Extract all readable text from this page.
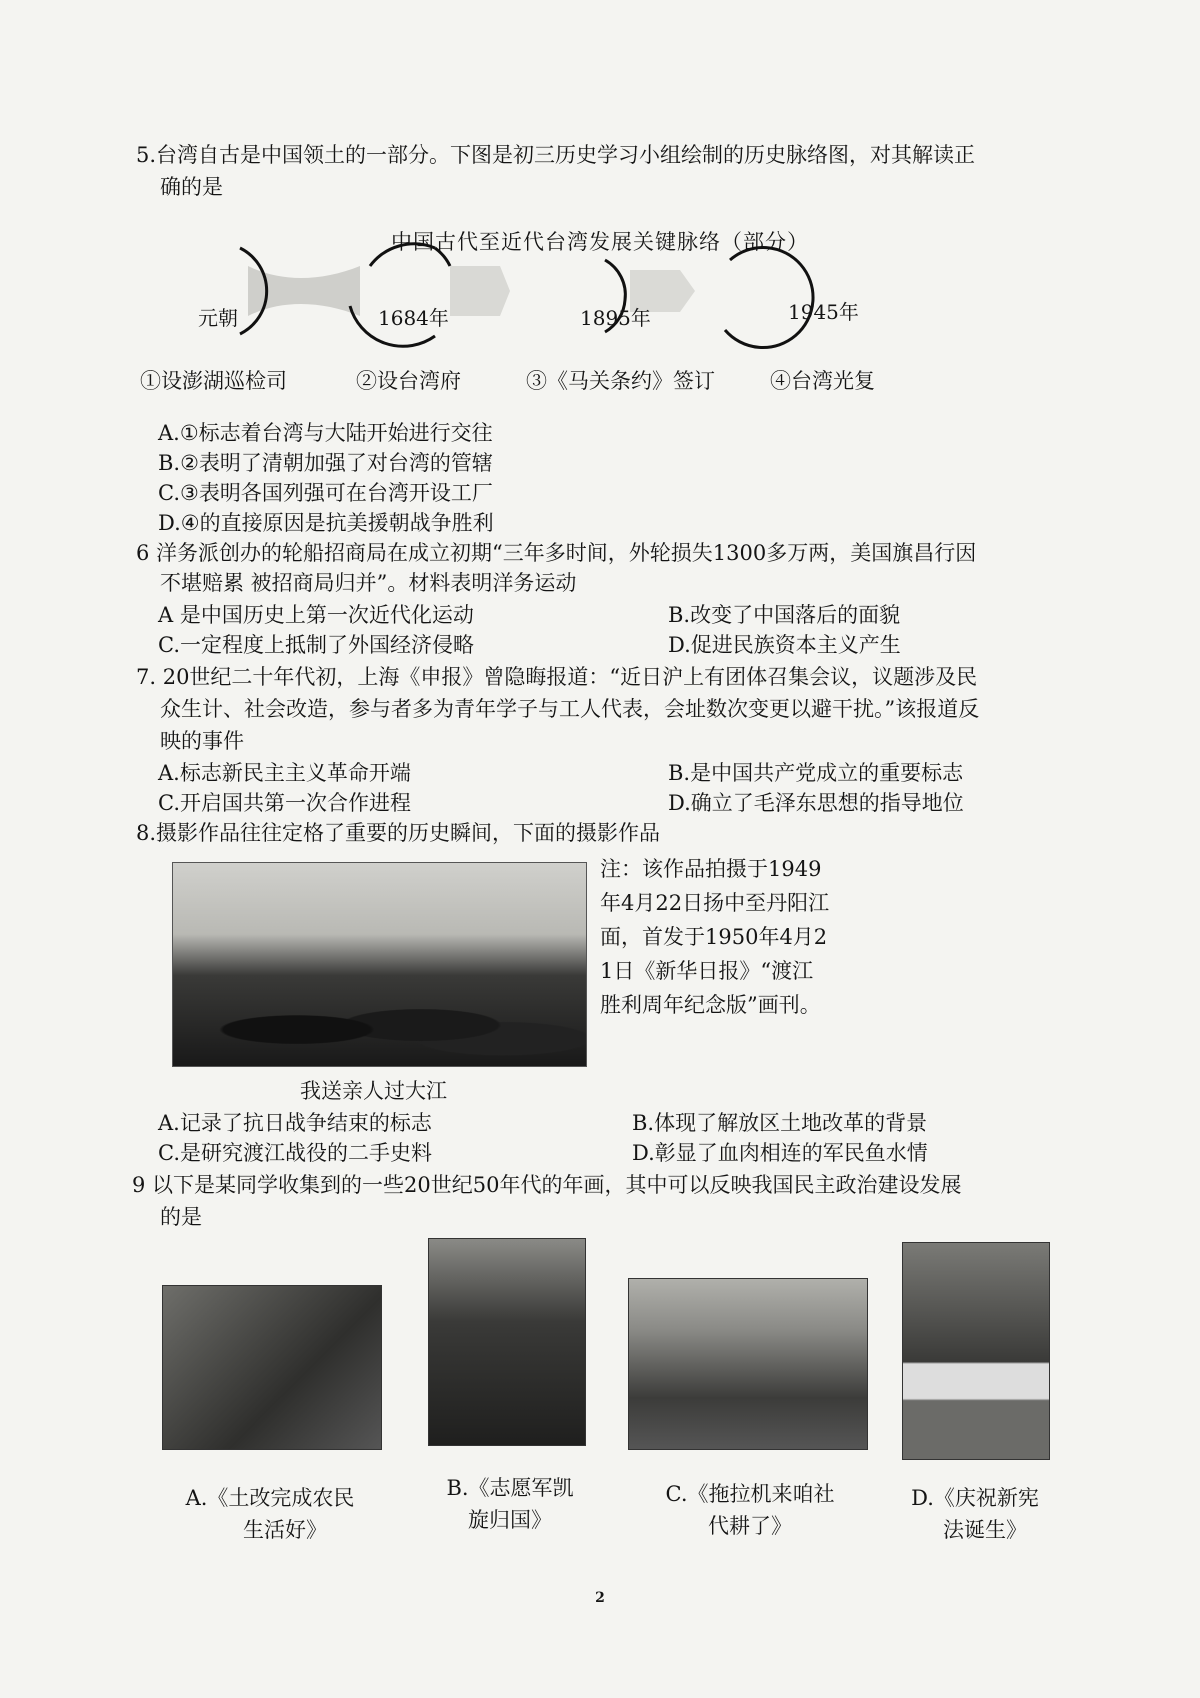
5.台湾自古是中国领土的一部分。下图是初三历史学习小组绘制的历史脉络图，对其解读正
确的是
中国古代至近代台湾发展关键脉络（部分）
元朝	1684年	1895年	1945年
①设澎湖巡检司	②设台湾府	③《马关条约》签订	④台湾光复
A.①标志着台湾与大陆开始进行交往
B.②表明了清朝加强了对台湾的管辖
C.③表明各国列强可在台湾开设工厂
D.④的直接原因是抗美援朝战争胜利
6 洋务派创办的轮船招商局在成立初期“三年多时间，外轮损失1300多万两，美国旗昌行因
不堪赔累 被招商局归并”。材料表明洋务运动
A 是中国历史上第一次近代化运动	B.改变了中国落后的面貌
C.一定程度上抵制了外国经济侵略	D.促进民族资本主义产生
7. 20世纪二十年代初，上海《申报》曾隐晦报道：“近日沪上有团体召集会议，议题涉及民
众生计、社会改造，参与者多为青年学子与工人代表，会址数次变更以避干扰。”该报道反
映的事件
A.标志新民主主义革命开端	B.是中国共产党成立的重要标志
C.开启国共第一次合作进程	D.确立了毛泽东思想的指导地位
8.摄影作品往往定格了重要的历史瞬间，下面的摄影作品
我送亲人过大江
注：该作品拍摄于1949年4月22日扬中至丹阳江面，首发于1950年4月21日《新华日报》“渡江胜利周年纪念版”画刊。
A.记录了抗日战争结束的标志	B.体现了解放区土地改革的背景
C.是研究渡江战役的二手史料	D.彰显了血肉相连的军民鱼水情
9 以下是某同学收集到的一些20世纪50年代的年画，其中可以反映我国民主政治建设发展
的是
A.《土改完成农民
生活好》
B.《志愿军凯
旋归国》
C.《拖拉机来咱社
代耕了》
D.《庆祝新宪
法诞生》
2
